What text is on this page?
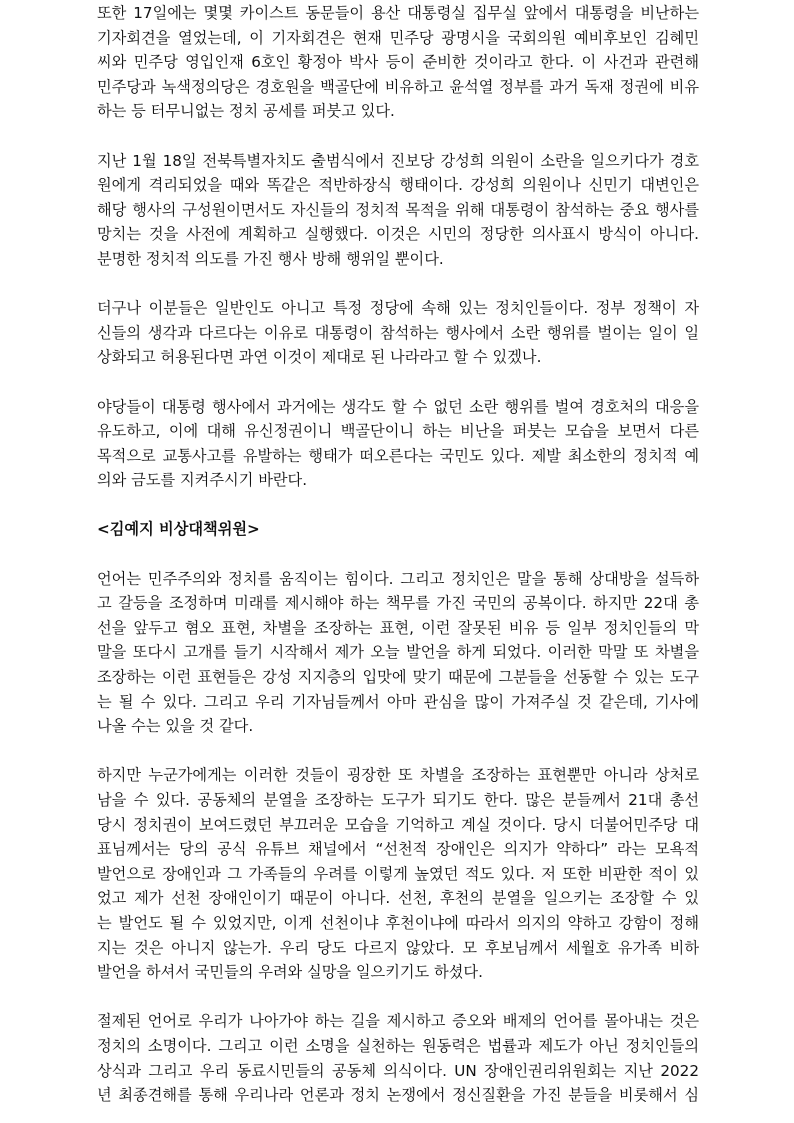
또한 17일에는 몇몇 카이스트 동문들이 용산 대통령실 집무실 앞에서 대통령을 비난하는
기자회견을 열었는데, 이 기자회견은 현재 민주당 광명시을 국회의원 예비후보인 김혜민
씨와 민주당 영입인재 6호인 황정아 박사 등이 준비한 것이라고 한다. 이 사건과 관련해
민주당과 녹색정의당은 경호원을 백골단에 비유하고 윤석열 정부를 과거 독재 정권에 비유
하는 등 터무니없는 정치 공세를 퍼붓고 있다.

지난 1월 18일 전북특별자치도 출범식에서 진보당 강성희 의원이 소란을 일으키다가 경호
원에게 격리되었을 때와 똑같은 적반하장식 행태이다. 강성희 의원이나 신민기 대변인은
해당 행사의 구성원이면서도 자신들의 정치적 목적을 위해 대통령이 참석하는 중요 행사를
망치는 것을 사전에 계획하고 실행했다. 이것은 시민의 정당한 의사표시 방식이 아니다.
분명한 정치적 의도를 가진 행사 방해 행위일 뿐이다.

더구나 이분들은 일반인도 아니고 특정 정당에 속해 있는 정치인들이다. 정부 정책이 자
신들의 생각과 다르다는 이유로 대통령이 참석하는 행사에서 소란 행위를 벌이는 일이 일
상화되고 허용된다면 과연 이것이 제대로 된 나라라고 할 수 있겠나.

야당들이 대통령 행사에서 과거에는 생각도 할 수 없던 소란 행위를 벌여 경호처의 대응을
유도하고, 이에 대해 유신정권이니 백골단이니 하는 비난을 퍼붓는 모습을 보면서 다른
목적으로 교통사고를 유발하는 행태가 떠오른다는 국민도 있다. 제발 최소한의 정치적 예
의와 금도를 지켜주시기 바란다.

<김예지 비상대책위원>

언어는 민주주의와 정치를 움직이는 힘이다. 그리고 정치인은 말을 통해 상대방을 설득하
고 갈등을 조정하며 미래를 제시해야 하는 책무를 가진 국민의 공복이다. 하지만 22대 총
선을 앞두고 혐오 표현, 차별을 조장하는 표현, 이런 잘못된 비유 등 일부 정치인들의 막
말을 또다시 고개를 들기 시작해서 제가 오늘 발언을 하게 되었다. 이러한 막말 또 차별을
조장하는 이런 표현들은 강성 지지층의 입맛에 맞기 때문에 그분들을 선동할 수 있는 도구
는 될 수 있다. 그리고 우리 기자님들께서 아마 관심을 많이 가져주실 것 같은데, 기사에
나올 수는 있을 것 같다.

하지만 누군가에게는 이러한 것들이 굉장한 또 차별을 조장하는 표현뿐만 아니라 상처로
남을 수 있다. 공동체의 분열을 조장하는 도구가 되기도 한다. 많은 분들께서 21대 총선
당시 정치권이 보여드렸던 부끄러운 모습을 기억하고 계실 것이다. 당시 더불어민주당 대
표님께서는 당의 공식 유튜브 채널에서 “선천적 장애인은 의지가 약하다” 라는 모욕적
발언으로 장애인과 그 가족들의 우려를 이렇게 높였던 적도 있다. 저 또한 비판한 적이 있
었고 제가 선천 장애인이기 때문이 아니다. 선천, 후천의 분열을 일으키는 조장할 수 있
는 발언도 될 수 있었지만, 이게 선천이냐 후천이냐에 따라서 의지의 약하고 강함이 정해
지는 것은 아니지 않는가. 우리 당도 다르지 않았다. 모 후보님께서 세월호 유가족 비하
발언을 하셔서 국민들의 우려와 실망을 일으키기도 하셨다.

절제된 언어로 우리가 나아가야 하는 길을 제시하고 증오와 배제의 언어를 몰아내는 것은
정치의 소명이다. 그리고 이런 소명을 실천하는 원동력은 법률과 제도가 아닌 정치인들의
상식과 그리고 우리 동료시민들의 공동체 의식이다. UN 장애인권리위원회는 지난 2022
년 최종견해를 통해 우리나라 언론과 정치 논쟁에서 정신질환을 가진 분들을 비롯해서 심
